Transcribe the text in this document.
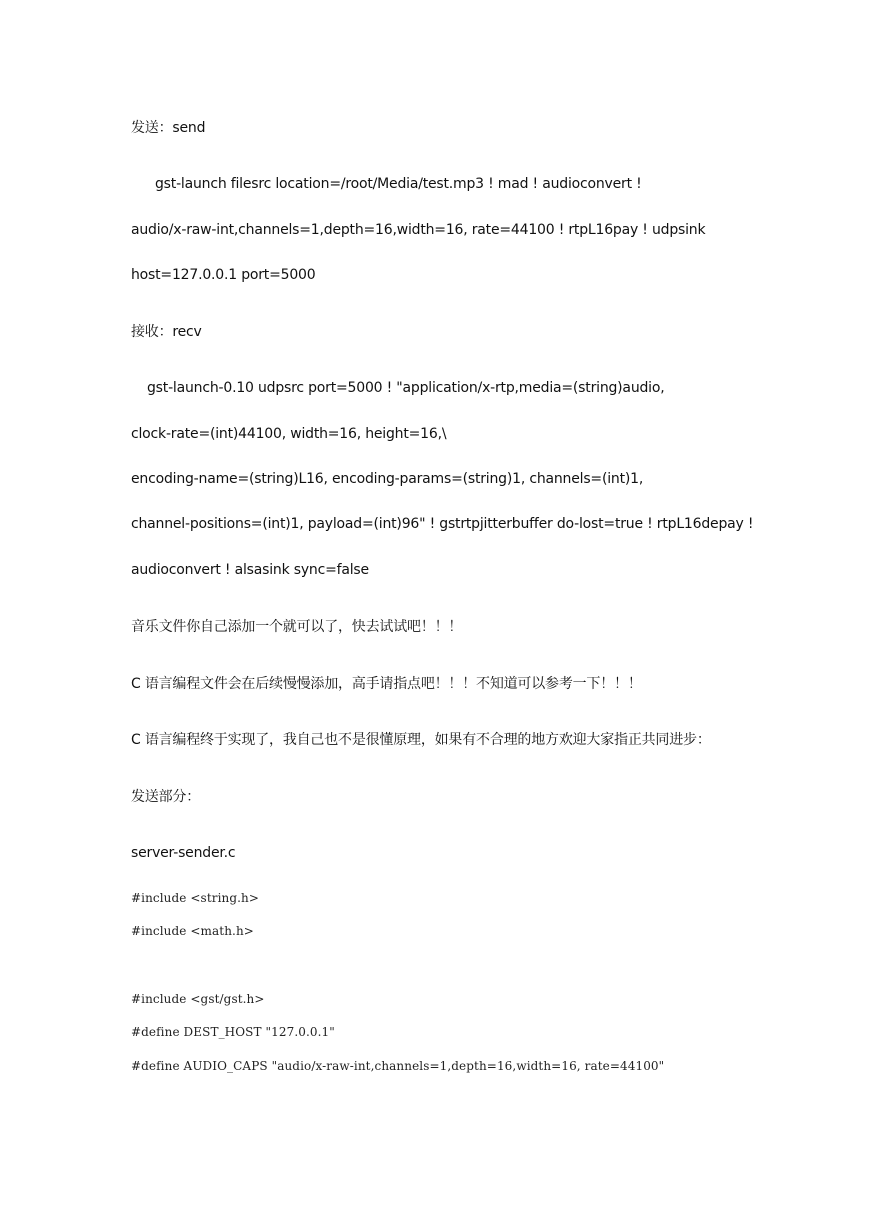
发送：send
gst-launch filesrc location=/root/Media/test.mp3 ! mad ! audioconvert !
audio/x-raw-int,channels=1,depth=16,width=16, rate=44100 ! rtpL16pay ! udpsink
host=127.0.0.1 port=5000
接收：recv
gst-launch-0.10 udpsrc port=5000 ! "application/x-rtp,media=(string)audio,
clock-rate=(int)44100, width=16, height=16,\
encoding-name=(string)L16, encoding-params=(string)1, channels=(int)1,
channel-positions=(int)1, payload=(int)96" ! gstrtpjitterbuffer do-lost=true ! rtpL16depay !
audioconvert ! alsasink sync=false
音乐文件你自己添加一个就可以了，快去试试吧！！！
C 语言编程文件会在后续慢慢添加，高手请指点吧！！！不知道可以参考一下！！！
C 语言编程终于实现了，我自己也不是很懂原理，如果有不合理的地方欢迎大家指正共同进步：
发送部分：
server-sender.c
#include <string.h>
#include <math.h>
#include <gst/gst.h>
#define DEST_HOST "127.0.0.1"
#define AUDIO_CAPS "audio/x-raw-int,channels=1,depth=16,width=16, rate=44100"
